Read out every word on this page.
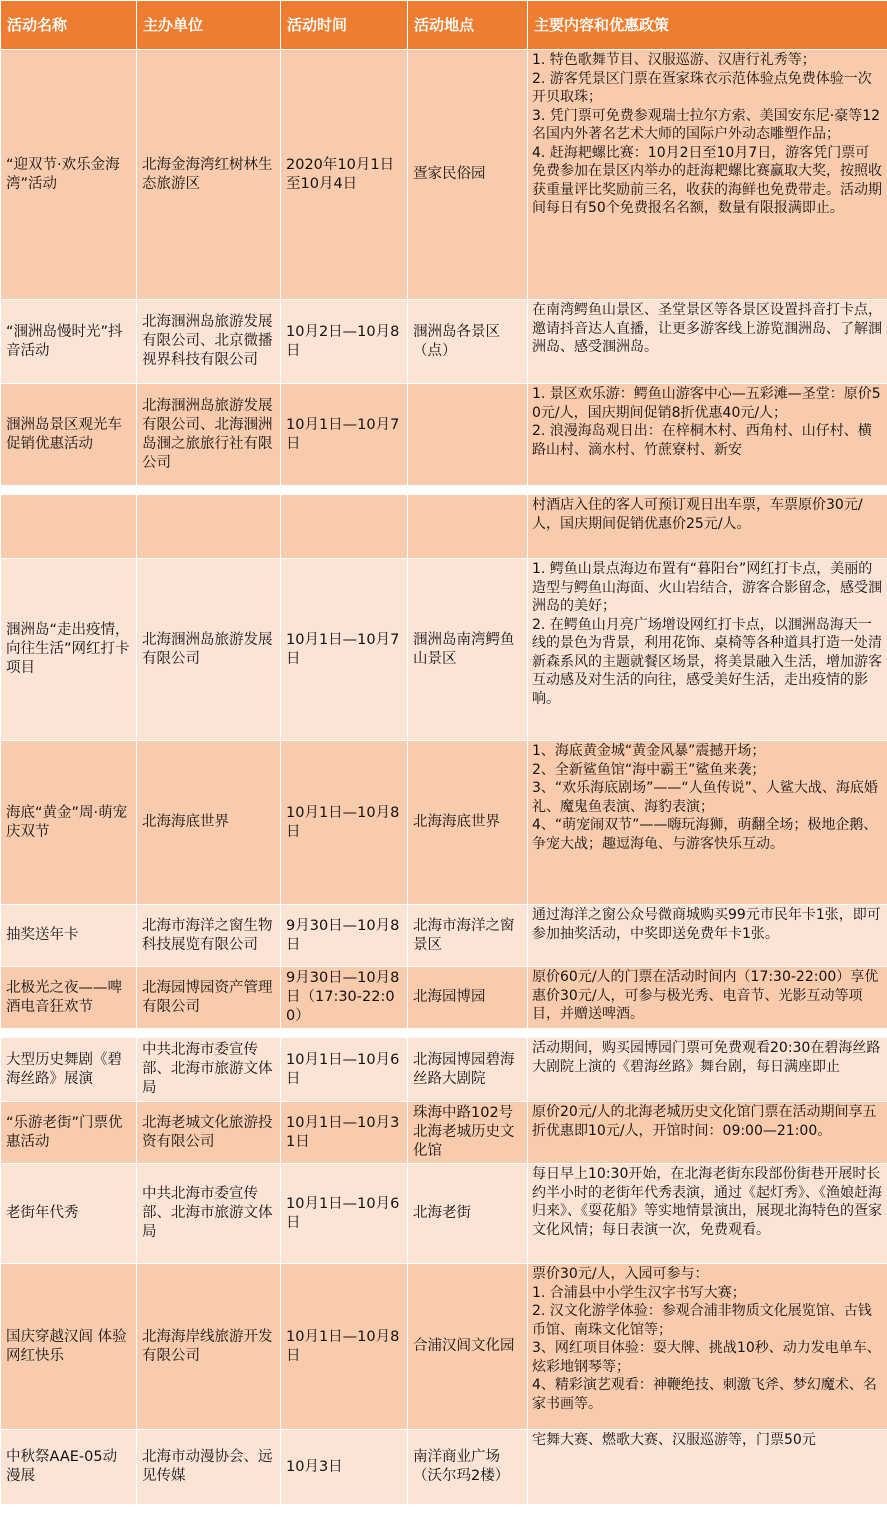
活动名称	主办单位	活动时间	活动地点	主要内容和优惠政策
“迎双节·欢乐金海湾”活动	北海金海湾红树林生态旅游区	2020年10月1日至10月4日	疍家民俗园	1. 特色歌舞节目、汉服巡游、汉唐行礼秀等；
2. 游客凭景区门票在疍家珠衣示范体验点免费体验一次开贝取珠；
3. 凭门票可免费参观瑞士拉尔方索、美国安东尼·豪等12名国内外著名艺术大师的国际户外动态雕塑作品；
4. 赶海耙螺比赛：10月2日至10月7日，游客凭门票可免费参加在景区内举办的赶海耙螺比赛赢取大奖，按照收获重量评比奖励前三名，收获的海鲜也免费带走。活动期间每日有50个免费报名名额，数量有限报满即止。

“涠洲岛慢时光”抖音活动	北海涠洲岛旅游发展有限公司、北京微播视界科技有限公司	10月2日—10月8日	涠洲岛各景区（点）	在南湾鳄鱼山景区、圣堂景区等各景区设置抖音打卡点，邀请抖音达人直播，让更多游客线上游览涠洲岛、了解涠洲岛、感受涠洲岛。

涠洲岛景区观光车促销优惠活动	北海涠洲岛旅游发展有限公司、北海涠洲岛涠之旅旅行社有限公司	10月1日—10月7日		1. 景区欢乐游：鳄鱼山游客中心—五彩滩—圣堂：原价50元/人，国庆期间促销8折优惠40元/人；
2. 浪漫海岛观日出：在梓桐木村、西角村、山仔村、横路山村、滴水村、竹蔗寮村、新安

				村酒店入住的客人可预订观日出车票，车票原价30元/人，国庆期间促销优惠价25元/人。

涠洲岛“走出疫情，向往生活”网红打卡项目	北海涠洲岛旅游发展有限公司	10月1日—10月7日	涠洲岛南湾鳄鱼山景区	1. 鳄鱼山景点海边布置有“暮阳台”网红打卡点，美丽的造型与鳄鱼山海面、火山岩结合，游客合影留念，感受涠洲岛的美好；
2. 在鳄鱼山月亮广场增设网红打卡点，以涠洲岛海天一线的景色为背景，利用花饰、桌椅等各种道具打造一处清新森系风的主题就餐区场景，将美景融入生活，增加游客互动感及对生活的向往，感受美好生活，走出疫情的影响。

海底“黄金”周·萌宠庆双节	北海海底世界	10月1日—10月8日	北海海底世界	1、海底黄金城“黄金风暴”震撼开场；
2、全新鲨鱼馆“海中霸王”鲨鱼来袭；
3、“欢乐海底剧场”——“人鱼传说”、人鲨大战、海底婚礼、魔鬼鱼表演、海豹表演；
4、“萌宠闹双节”——嗨玩海狮，萌翻全场；极地企鹅、争宠大战；趣逗海龟、与游客快乐互动。

抽奖送年卡	北海市海洋之窗生物科技展览有限公司	9月30日—10月8日	北海市海洋之窗景区	通过海洋之窗公众号微商城购买99元市民年卡1张，即可参加抽奖活动，中奖即送免费年卡1张。

北极光之夜——啤酒电音狂欢节	北海园博园资产管理有限公司	9月30日—10月8日（17:30-22:00）	北海园博园	原价60元/人的门票在活动时间内（17:30-22:00）享优惠价30元/人，可参与极光秀、电音节、光影互动等项目，并赠送啤酒。

大型历史舞剧《碧海丝路》展演	中共北海市委宣传部、北海市旅游文体局	10月1日—10月6日	北海园博园碧海丝路大剧院	活动期间，购买园博园门票可免费观看20:30在碧海丝路大剧院上演的《碧海丝路》舞台剧，每日满座即止

“乐游老街”门票优惠活动	北海老城文化旅游投资有限公司	10月1日—10月31日	珠海中路102号北海老城历史文化馆	原价20元/人的北海老城历史文化馆门票在活动期间享五折优惠即10元/人，开馆时间：09:00—21:00。

老街年代秀	中共北海市委宣传部、北海市旅游文体局	10月1日—10月6日	北海老街	每日早上10:30开始，在北海老街东段部份街巷开展时长约半小时的老街年代秀表演，通过《起灯秀》、《渔娘赶海归来》、《耍花船》等实地情景演出，展现北海特色的疍家文化风情；每日表演一次，免费观看。

国庆穿越汉闾 体验网红快乐	北海海岸线旅游开发有限公司	10月1日—10月8日	合浦汉闾文化园	票价30元/人，入园可参与：
1. 合浦县中小学生汉字书写大赛；
2. 汉文化游学体验：参观合浦非物质文化展览馆、古钱币馆、南珠文化馆等；
3、网红项目体验：耍大牌、挑战10秒、动力发电单车、炫彩地钢琴等；
4、精彩演艺观看：神鞭绝技、刺激飞斧、梦幻魔术、名家书画等。

中秋祭AAE-05动漫展	北海市动漫协会、远见传媒	10月3日	南洋商业广场（沃尔玛2楼）	宅舞大赛、燃歌大赛、汉服巡游等，门票50元
